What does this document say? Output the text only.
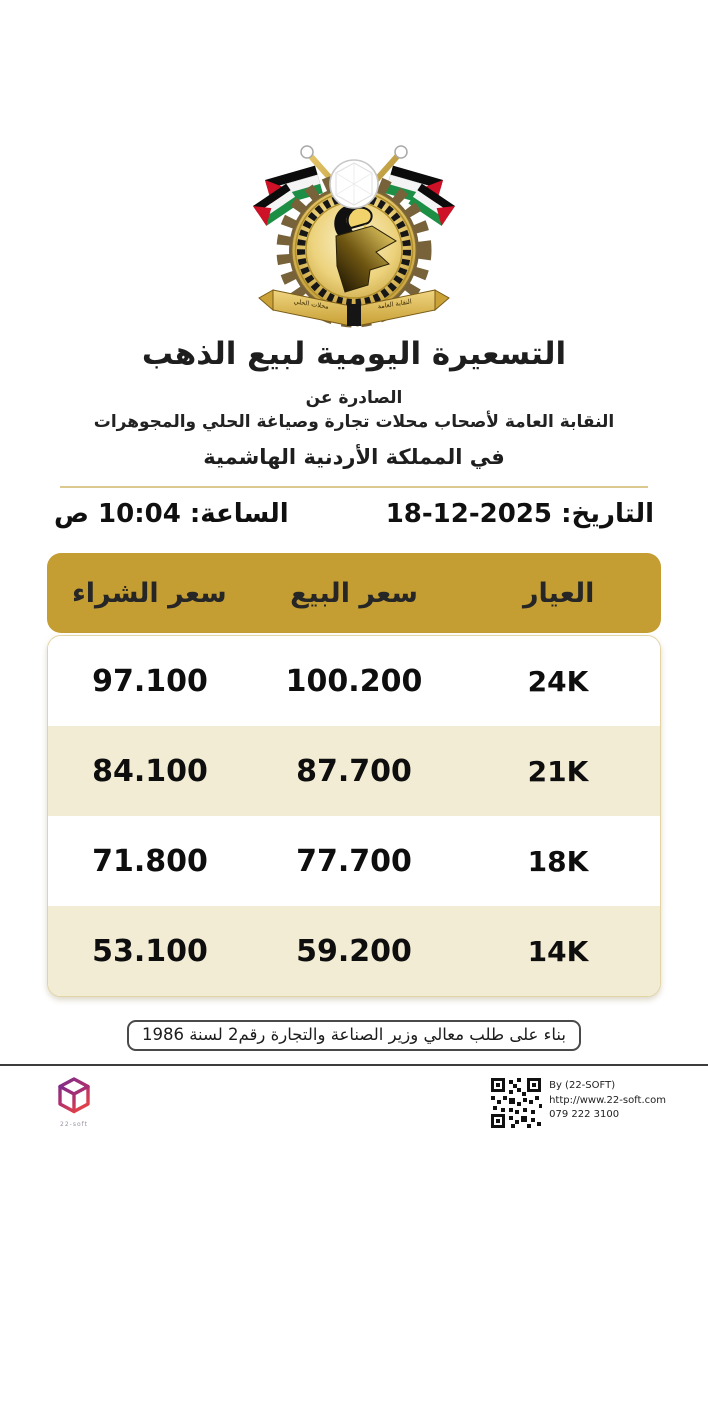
النقابة العامة
محلات الحلي
التسعيرة اليومية لبيع الذهب
الصادرة عن
النقابة العامة لأصحاب محلات تجارة وصياغة الحلي والمجوهرات
في المملكة الأردنية الهاشمية
التاريخ: 18-12-2025
الساعة: 10:04 ص
العيار
سعر البيع
سعر الشراء
24K
100.200
97.100
21K
87.700
84.100
18K
77.700
71.800
14K
59.200
53.100
بناء على طلب معالي وزير الصناعة والتجارة رقم2 لسنة 1986
22-soft
By (22-SOFT)
http://www.22-soft.com
079 222 3100
